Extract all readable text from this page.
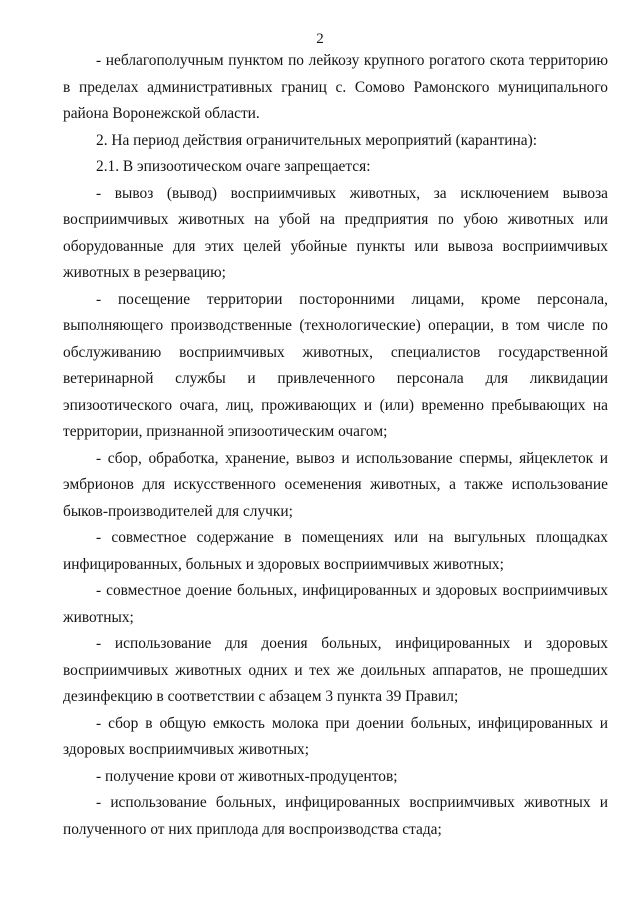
2

- неблагополучным пунктом по лейкозу крупного рогатого скота территорию в пределах административных границ с. Сомово Рамонского муниципального района Воронежской области.

2. На период действия ограничительных мероприятий (карантина):

2.1. В эпизоотическом очаге запрещается:

- вывоз (вывод) восприимчивых животных, за исключением вывоза восприимчивых животных на убой на предприятия по убою животных или оборудованные для этих целей убойные пункты или вывоза восприимчивых животных в резервацию;

- посещение территории посторонними лицами, кроме персонала, выполняющего производственные (технологические) операции, в том числе по обслуживанию восприимчивых животных, специалистов государственной ветеринарной службы и привлеченного персонала для ликвидации эпизоотического очага, лиц, проживающих и (или) временно пребывающих на территории, признанной эпизоотическим очагом;

- сбор, обработка, хранение, вывоз и использование спермы, яйцеклеток и эмбрионов для искусственного осеменения животных, а также использование быков-производителей для случки;

- совместное содержание в помещениях или на выгульных площадках инфицированных, больных и здоровых восприимчивых животных;

- совместное доение больных, инфицированных и здоровых восприимчивых животных;

- использование для доения больных, инфицированных и здоровых восприимчивых животных одних и тех же доильных аппаратов, не прошедших дезинфекцию в соответствии с абзацем 3 пункта 39 Правил;

- сбор в общую емкость молока при доении больных, инфицированных и здоровых восприимчивых животных;

- получение крови от животных-продуцентов;

- использование больных, инфицированных восприимчивых животных и полученного от них приплода для воспроизводства стада;
